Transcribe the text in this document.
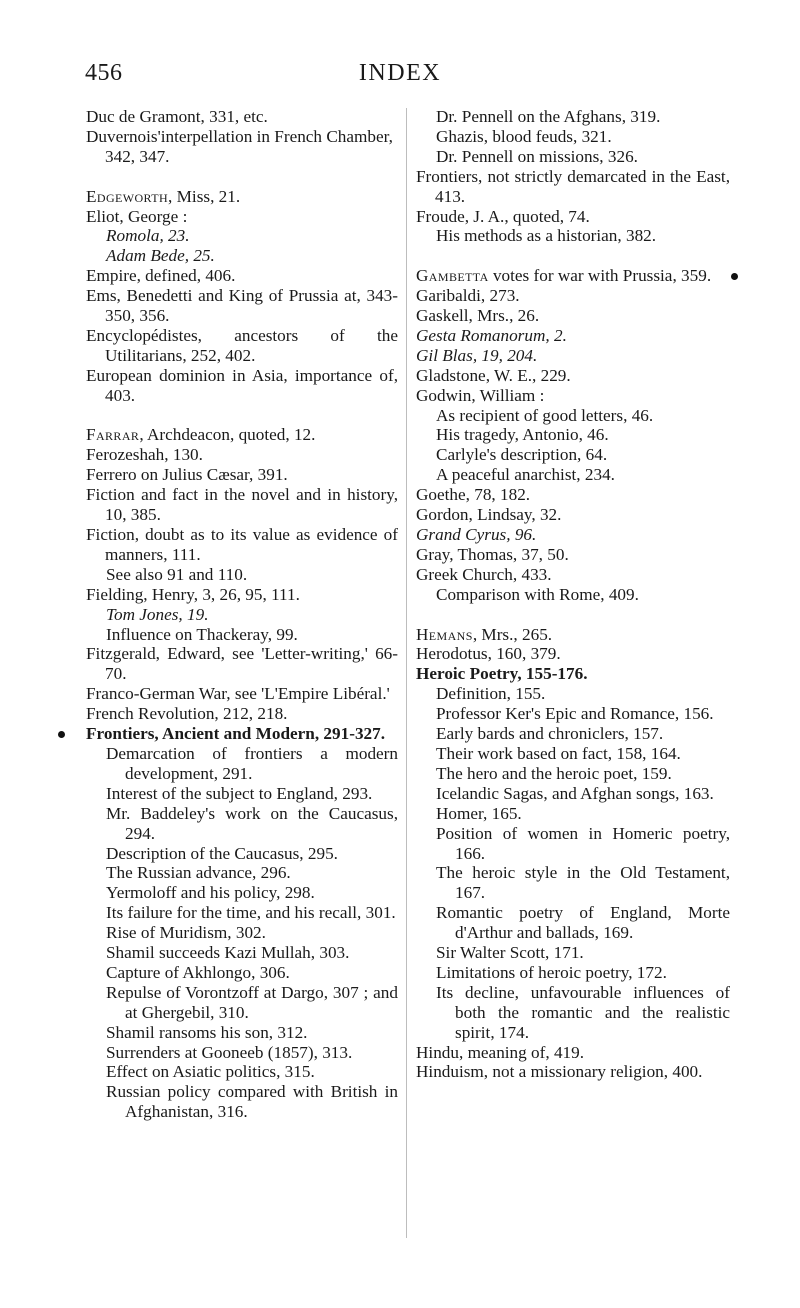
456	INDEX
Duc de Gramont, 331, etc.
Duvernois'interpellation in French Chamber, 342, 347.
Edgeworth, Miss, 21.
Eliot, George :
Romola, 23.
Adam Bede, 25.
Empire, defined, 406.
Ems, Benedetti and King of Prussia at, 343-350, 356.
Encyclopédistes, ancestors of the Utilitarians, 252, 402.
European dominion in Asia, importance of, 403.
Farrar, Archdeacon, quoted, 12.
Ferozeshah, 130.
Ferrero on Julius Cæsar, 391.
Fiction and fact in the novel and in history, 10, 385.
Fiction, doubt as to its value as evidence of manners, 111.
See also 91 and 110.
Fielding, Henry, 3, 26, 95, 111.
Tom Jones, 19.
Influence on Thackeray, 99.
Fitzgerald, Edward, see 'Letter-writing,' 66-70.
Franco-German War, see 'L'Empire Libéral.'
French Revolution, 212, 218.
Frontiers, Ancient and Modern, 291-327.
Demarcation of frontiers a modern development, 291.
Interest of the subject to England, 293.
Mr. Baddeley's work on the Caucasus, 294.
Description of the Caucasus, 295.
The Russian advance, 296.
Yermoloff and his policy, 298.
Its failure for the time, and his recall, 301.
Rise of Muridism, 302.
Shamil succeeds Kazi Mullah, 303.
Capture of Akhlongo, 306.
Repulse of Vorontzoff at Dargo, 307 ; and at Ghergebil, 310.
Shamil ransoms his son, 312.
Surrenders at Gooneeb (1857), 313.
Effect on Asiatic politics, 315.
Russian policy compared with British in Afghanistan, 316.
Dr. Pennell on the Afghans, 319.
Ghazis, blood feuds, 321.
Dr. Pennell on missions, 326.
Frontiers, not strictly demarcated in the East, 413.
Froude, J. A., quoted, 74.
His methods as a historian, 382.
Gambetta votes for war with Prussia, 359.
Garibaldi, 273.
Gaskell, Mrs., 26.
Gesta Romanorum, 2.
Gil Blas, 19, 204.
Gladstone, W. E., 229.
Godwin, William :
As recipient of good letters, 46.
His tragedy, Antonio, 46.
Carlyle's description, 64.
A peaceful anarchist, 234.
Goethe, 78, 182.
Gordon, Lindsay, 32.
Grand Cyrus, 96.
Gray, Thomas, 37, 50.
Greek Church, 433.
Comparison with Rome, 409.
Hemans, Mrs., 265.
Herodotus, 160, 379.
Heroic Poetry, 155-176.
Definition, 155.
Professor Ker's Epic and Romance, 156.
Early bards and chroniclers, 157.
Their work based on fact, 158, 164.
The hero and the heroic poet, 159.
Icelandic Sagas, and Afghan songs, 163.
Homer, 165.
Position of women in Homeric poetry, 166.
The heroic style in the Old Testament, 167.
Romantic poetry of England, Morte d'Arthur and ballads, 169.
Sir Walter Scott, 171.
Limitations of heroic poetry, 172.
Its decline, unfavourable influences of both the romantic and the realistic spirit, 174.
Hindu, meaning of, 419.
Hinduism, not a missionary religion, 400.
